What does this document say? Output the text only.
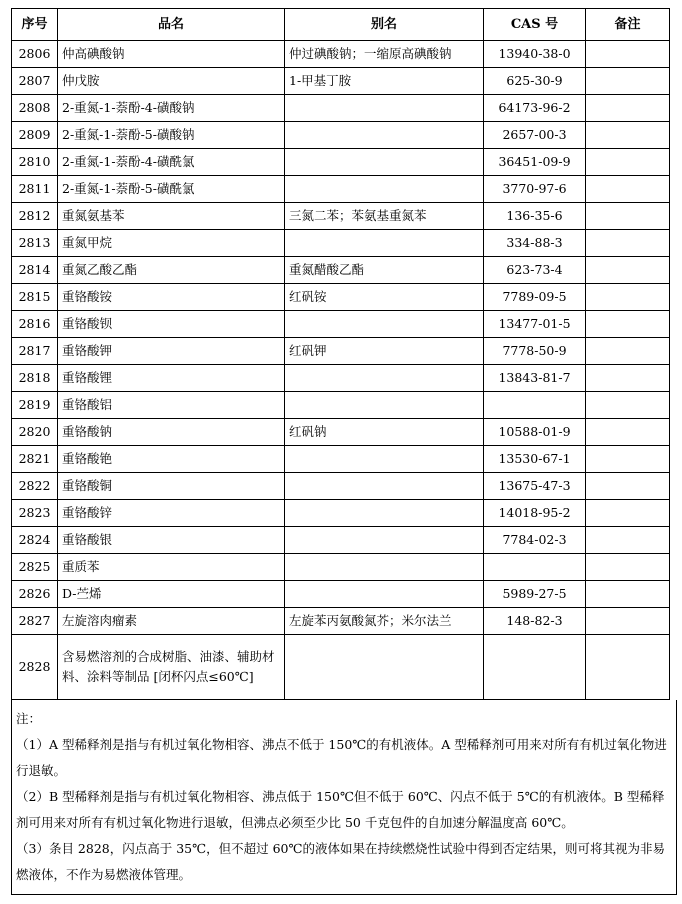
序号	品名	别名	CAS 号	备注
2806	仲高碘酸钠	仲过碘酸钠；一缩原高碘酸钠	13940-38-0	
2807	仲戊胺	1-甲基丁胺	625-30-9	
2808	2-重氮-1-萘酚-4-磺酸钠		64173-96-2	
2809	2-重氮-1-萘酚-5-磺酸钠		2657-00-3	
2810	2-重氮-1-萘酚-4-磺酰氯		36451-09-9	
2811	2-重氮-1-萘酚-5-磺酰氯		3770-97-6	
2812	重氮氨基苯	三氮二苯；苯氨基重氮苯	136-35-6	
2813	重氮甲烷		334-88-3	
2814	重氮乙酸乙酯	重氮醋酸乙酯	623-73-4	
2815	重铬酸铵	红矾铵	7789-09-5	
2816	重铬酸钡		13477-01-5	
2817	重铬酸钾	红矾钾	7778-50-9	
2818	重铬酸锂		13843-81-7	
2819	重铬酸铝			
2820	重铬酸钠	红矾钠	10588-01-9	
2821	重铬酸铯		13530-67-1	
2822	重铬酸铜		13675-47-3	
2823	重铬酸锌		14018-95-2	
2824	重铬酸银		7784-02-3	
2825	重质苯			
2826	D-苎烯		5989-27-5	
2827	左旋溶肉瘤素	左旋苯丙氨酸氮芥；米尔法兰	148-82-3	
2828	含易燃溶剂的合成树脂、油漆、辅助材料、涂料等制品 [闭杯闪点≤60℃]			

注：

（1）A 型稀释剂是指与有机过氧化物相容、沸点不低于 150℃的有机液体。A 型稀释剂可用来对所有有机过氧化物进行退敏。

（2）B 型稀释剂是指与有机过氧化物相容、沸点低于 150℃但不低于 60℃、闪点不低于 5℃的有机液体。B 型稀释剂可用来对所有有机过氧化物进行退敏，但沸点必须至少比 50 千克包件的自加速分解温度高 60℃。

（3）条目 2828，闪点高于 35℃，但不超过 60℃的液体如果在持续燃烧性试验中得到否定结果，则可将其视为非易燃液体，不作为易燃液体管理。
